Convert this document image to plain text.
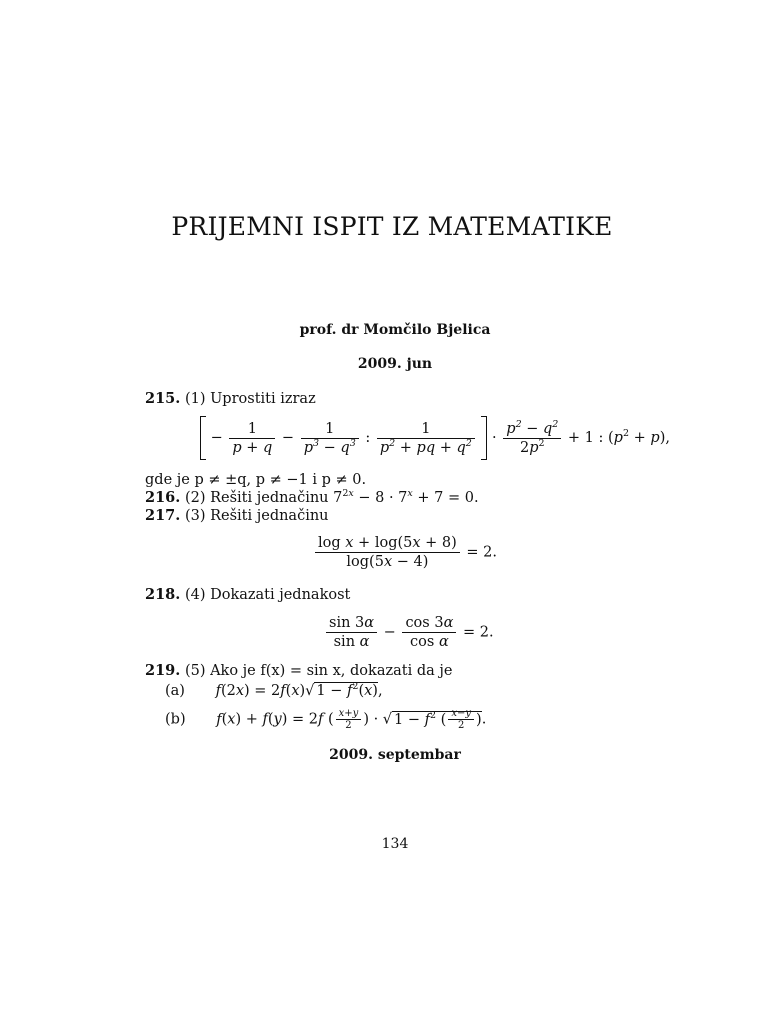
PRIJEMNI ISPIT IZ MATEMATIKE
prof. dr Momčilo Bjelica
2009. jun
215. (1) Uprostiti izraz
− $\frac{1}{p + q} - \frac{1}{p^3 - q^3}$ : $\frac{1}{p^2 + pq + q^2} \cdot \frac{p^2 - q^2}{2p^2} + 1$ : $(p^2 + p)$,
gde je p ≠ ±q, p ≠ −1 i p ≠ 0.
216. (2) Rešiti jednačinu $7^{2x} - 8 \cdot 7^x + 7 = 0$.
217. (3) Rešiti jednačinu
$\frac{\text{log x + log(5x + 8)}}{\log(5x - 4)} = 2$.
218. (4) Dokazati jednakost
$\frac{\sin 3\alpha}{\text{sin α}} - \frac{\cos 3\alpha}{\text{cos α}} = 2$.
219. (5) Ako je f(x) = sin x, dokazati da je
(a) f(2x) = 2f(x)√ $1 - f^2(x)$,
(b) f(x) + f(y) = 2f ( $\frac{x+y}{2}$ ) · √ $1 - f^2$ ( $\frac{x-y}{2}$ ).
2009. septembar
134
